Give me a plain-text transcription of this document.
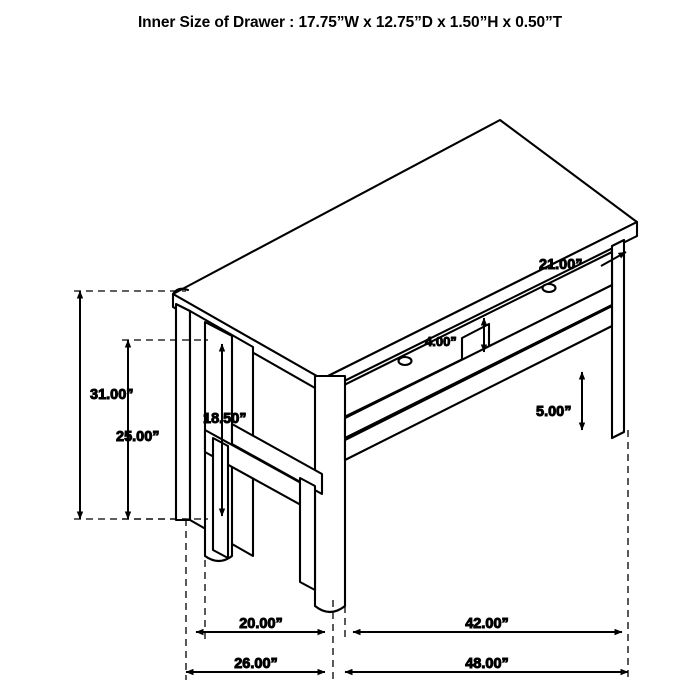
Inner Size of Drawer : 17.75”W x 12.75”D x 1.50”H x 0.50”T
31.00”
25.00”
18.50”
21.00”
4.00”
5.00”
20.00”	42.00”
26.00”	48.00”
